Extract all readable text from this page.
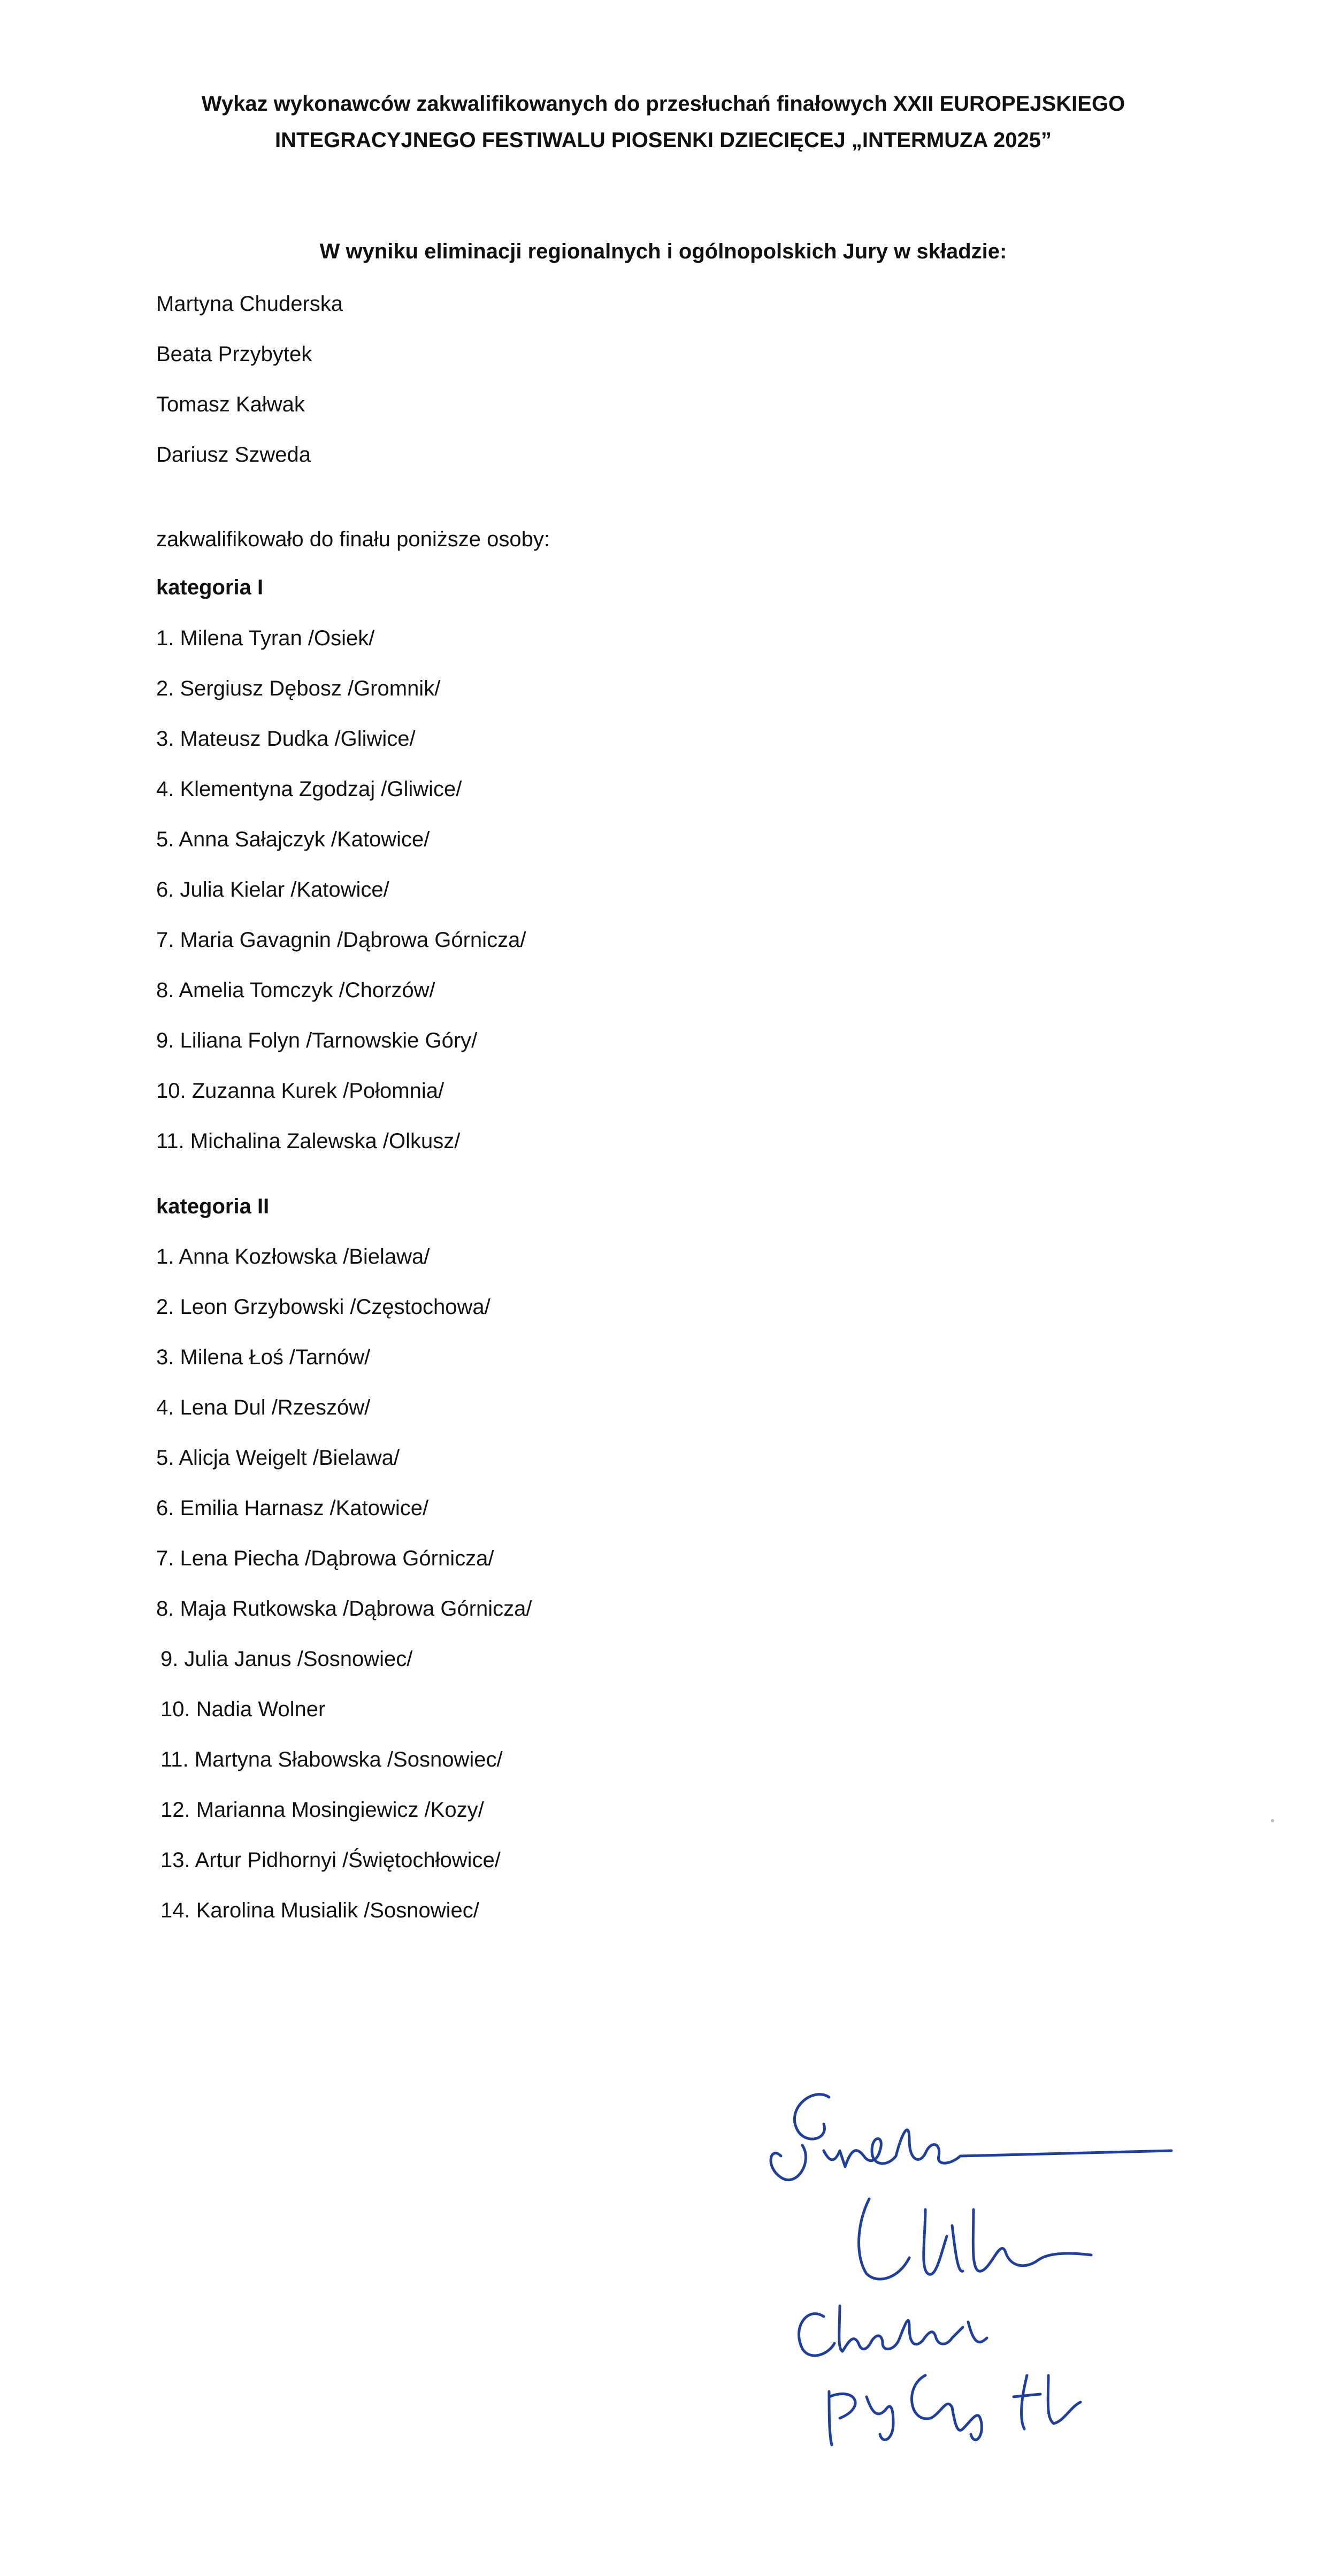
Wykaz wykonawców zakwalifikowanych do przesłuchań finałowych XXII EUROPEJSKIEGO
INTEGRACYJNEGO FESTIWALU PIOSENKI DZIECIĘCEJ „INTERMUZA 2025”
W wyniku eliminacji regionalnych i ogólnopolskich Jury w składzie:
Martyna Chuderska
Beata Przybytek
Tomasz Kałwak
Dariusz Szweda
zakwalifikowało do finału poniższe osoby:
kategoria I
1. Milena Tyran /Osiek/
2. Sergiusz Dębosz /Gromnik/
3. Mateusz Dudka /Gliwice/
4. Klementyna Zgodzaj /Gliwice/
5. Anna Sałajczyk /Katowice/
6. Julia Kielar /Katowice/
7. Maria Gavagnin /Dąbrowa Górnicza/
8. Amelia Tomczyk /Chorzów/
9. Liliana Folyn /Tarnowskie Góry/
10. Zuzanna Kurek /Połomnia/
11. Michalina Zalewska /Olkusz/
kategoria II
1. Anna Kozłowska /Bielawa/
2. Leon Grzybowski /Częstochowa/
3. Milena Łoś /Tarnów/
4. Lena Dul /Rzeszów/
5. Alicja Weigelt /Bielawa/
6. Emilia Harnasz /Katowice/
7. Lena Piecha /Dąbrowa Górnicza/
8. Maja Rutkowska /Dąbrowa Górnicza/
9. Julia Janus /Sosnowiec/
10. Nadia Wolner
11. Martyna Słabowska /Sosnowiec/
12. Marianna Mosingiewicz /Kozy/
13. Artur Pidhornyi /Świętochłowice/
14. Karolina Musialik /Sosnowiec/
